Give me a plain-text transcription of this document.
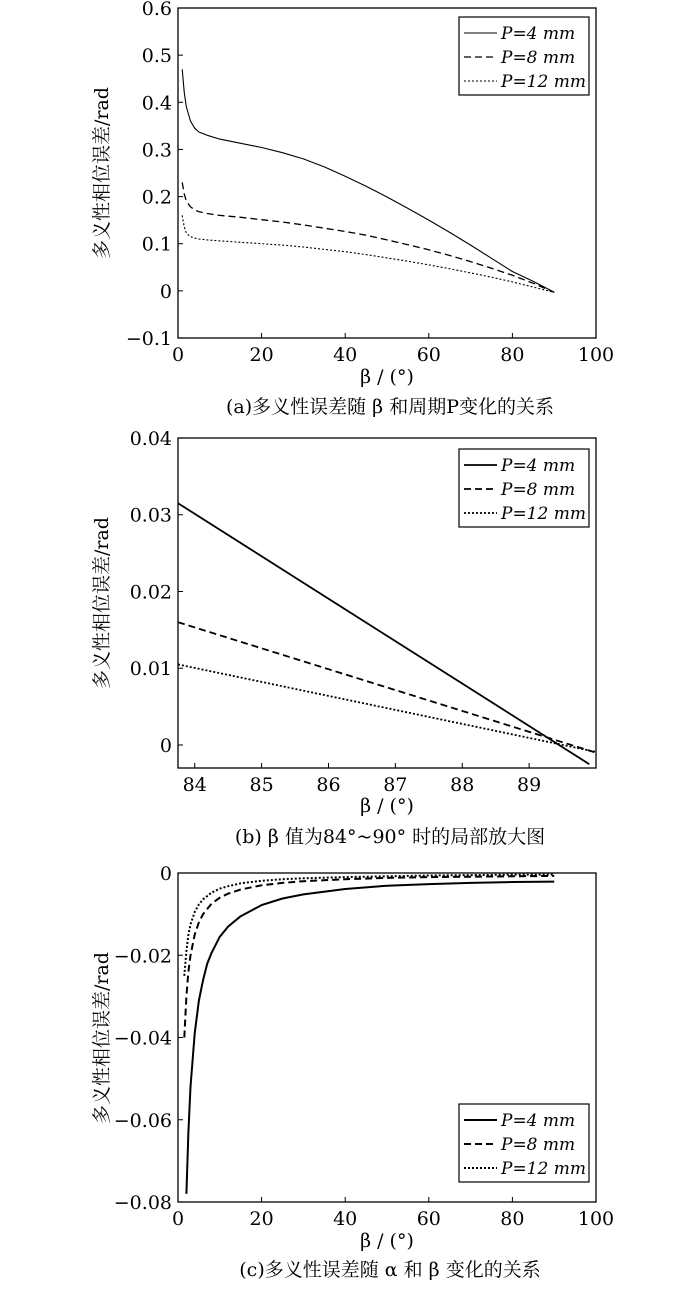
0	20	40	60	80	100
−0.1
0
0.1
0.2
0.3
0.4
0.5
0.6
P=4 mm
P=8 mm
P=12 mm
β / (°)
多义性相位误差/rad
(a)多义性误差随 β 和周期P变化的关系
84 85 86 87 88 89
0
0.01
0.02
0.03
0.04
P=4 mm
P=8 mm
P=12 mm
β / (°)
多义性相位误差/rad
(b) β 值为84°~90° 时的局部放大图
0	20	40	60	80	100
−0.08
−0.06
−0.04
−0.02
0
P=4 mm
P=8 mm
P=12 mm
β / (°)
多义性相位误差/rad
(c)多义性误差随 α 和 β 变化的关系
